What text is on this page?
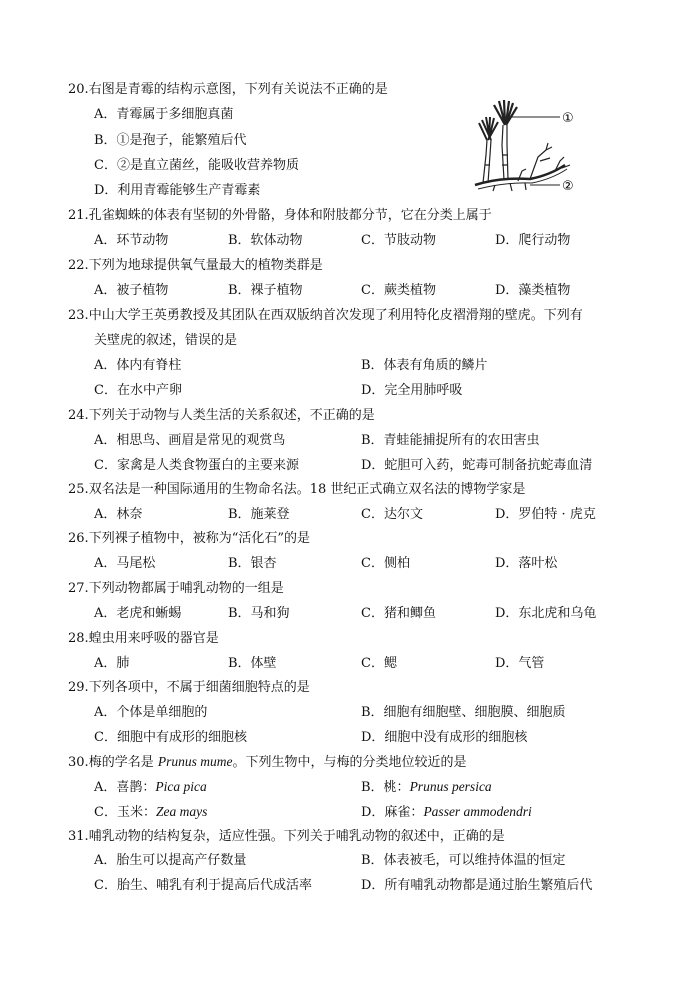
20.右图是青霉的结构示意图，下列有关说法不正确的是
A．青霉属于多细胞真菌
B．①是孢子，能繁殖后代
C．②是直立菌丝，能吸收营养物质
D．利用青霉能够生产青霉素
①
②
21.孔雀蜘蛛的体表有坚韧的外骨骼，身体和附肢都分节，它在分类上属于
A．环节动物	B．软体动物	C．节肢动物	D．爬行动物
22.下列为地球提供氧气量最大的植物类群是
A．被子植物	B．裸子植物	C．蕨类植物	D．藻类植物
23.中山大学王英勇教授及其团队在西双版纳首次发现了利用特化皮褶滑翔的壁虎。下列有
关壁虎的叙述，错误的是
A．体内有脊柱	B．体表有角质的鳞片
C．在水中产卵	D．完全用肺呼吸
24.下列关于动物与人类生活的关系叙述，不正确的是
A．相思鸟、画眉是常见的观赏鸟	B．青蛙能捕捉所有的农田害虫
C．家禽是人类食物蛋白的主要来源	D．蛇胆可入药，蛇毒可制备抗蛇毒血清
25.双名法是一种国际通用的生物命名法。18 世纪正式确立双名法的博物学家是
A．林奈	B．施莱登	C．达尔文	D．罗伯特 · 虎克
26.下列裸子植物中，被称为“活化石”的是
A．马尾松	B．银杏	C．侧柏	D．落叶松
27.下列动物都属于哺乳动物的一组是
A．老虎和蜥蜴	B．马和狗	C．猪和鲫鱼	D．东北虎和乌龟
28.蝗虫用来呼吸的器官是
A．肺	B．体壁	C．鳃	D．气管
29.下列各项中，不属于细菌细胞特点的是
A．个体是单细胞的	B．细胞有细胞壁、细胞膜、细胞质
C．细胞中有成形的细胞核	D．细胞中没有成形的细胞核
30.梅的学名是 Prunus mume。下列生物中，与梅的分类地位较近的是
A．喜鹊：Pica pica	B．桃：Prunus persica
C．玉米：Zea mays	D．麻雀：Passer ammodendri
31.哺乳动物的结构复杂，适应性强。下列关于哺乳动物的叙述中，正确的是
A．胎生可以提高产仔数量	B．体表被毛，可以维持体温的恒定
C．胎生、哺乳有利于提高后代成活率	D．所有哺乳动物都是通过胎生繁殖后代
